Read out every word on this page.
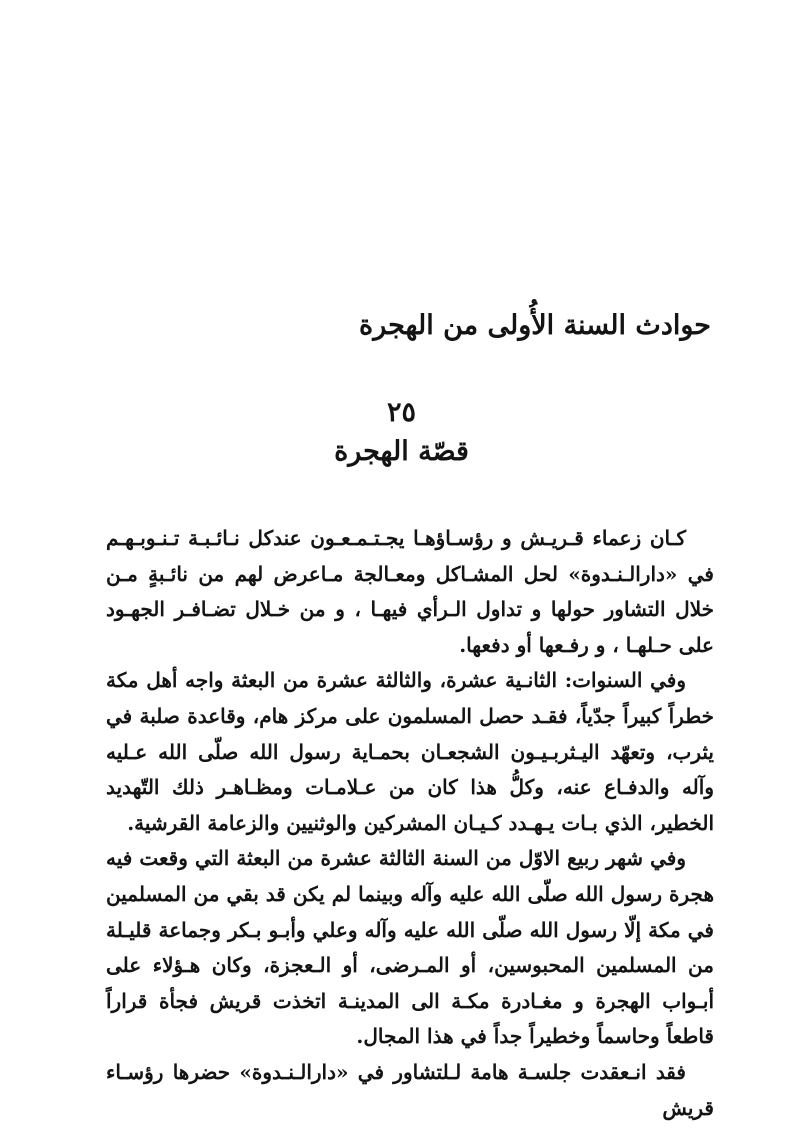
حوادث السنة الأُولى من الهجرة
٢٥
قصّة الهجرة

كـان زعماء قـريـش و رؤسـاؤهـا يجـتـمـعـون عندكل نـائـبـة تـنـوبـهـم في «دارالـنـدوة» لحل المشـاكل ومعـالجة مـاعرض لهم من نائـبةٍ مـن خلال التشاور حولها و تداول الـرأي فيهـا ، و من خـلال تضـافـر الجهـود على حـلهـا ، و رفـعها أو دفعها.

وفي السنوات: الثانـية عشرة، والثالثة عشرة من البعثة واجه أهل مكة خطراً كبيراً جدّياً، فقـد حصل المسلمون على مركز هام، وقاعدة صلبة في يثرب، وتعهّد اليـثربـيـون الشجعـان بحمـاية رسول الله صلّى الله عـليه وآله والدفـاع عنه، وكلُّ هذا كان من عـلامـات ومظـاهـر ذلك التّهديد الخطير، الذي بـات يـهـدد كـيـان المشركين والوثنيين والزعامة القرشية.

وفي شهر ربيع الاوّل من السنة الثالثة عشرة من البعثة التي وقعت فيه هجرة رسول الله صلّى الله عليه وآله وبينما لم يكن قد بقي من المسلمين في مكة إلّا رسول الله صلّى الله عليه وآله وعلي وأبـو بـكر وجماعة قليـلة من المسلمين المحبوسين، أو المـرضى، أو الـعجزة، وكان هـؤلاء على أبـواب الهجرة و مغـادرة مكـة الى المدينـة اتخذت قريش فجأة قراراً قاطعاً وحاسماً وخطيراً جداً في هذا المجال.

فقد انـعقدت جلسـة هامة لـلتشاور في «دارالـنـدوة» حضرها رؤسـاء قريش
